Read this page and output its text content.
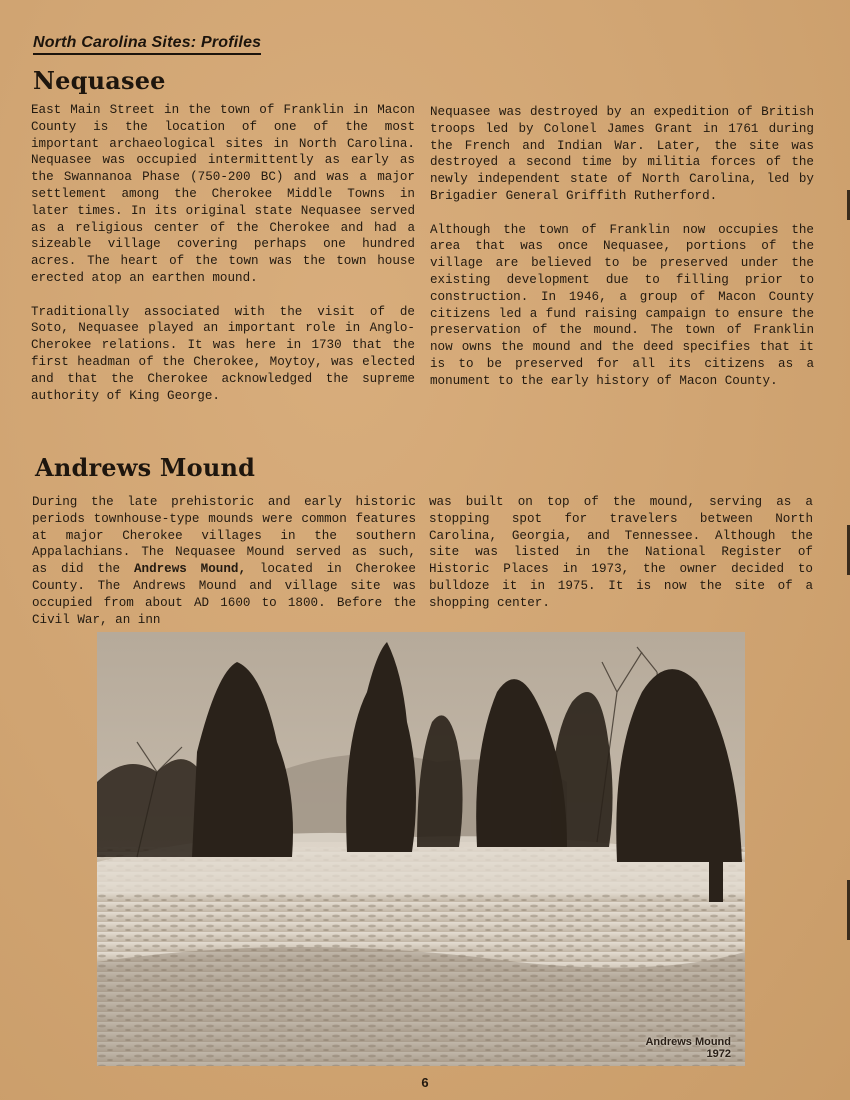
North Carolina Sites: Profiles
Nequasee

East Main Street in the town of Franklin in Macon County is the location of one of the most important archaeological sites in North Carolina. Nequasee was occupied intermittently as early as the Swannanoa Phase (750-200 BC) and was a major settlement among the Cherokee Middle Towns in later times. In its original state Nequasee served as a religious center of the Cherokee and had a sizeable village covering perhaps one hundred acres. The heart of the town was the town house erected atop an earthen mound.

Traditionally associated with the visit of de Soto, Nequasee played an important role in Anglo-Cherokee relations. It was here in 1730 that the first headman of the Cherokee, Moytoy, was elected and that the Cherokee acknowledged the supreme authority of King George.

Nequasee was destroyed by an expedition of British troops led by Colonel James Grant in 1761 during the French and Indian War. Later, the site was destroyed a second time by militia forces of the newly independent state of North Carolina, led by Brigadier General Griffith Rutherford.

Although the town of Franklin now occupies the area that was once Nequasee, portions of the village are believed to be preserved under the existing development due to filling prior to construction. In 1946, a group of Macon County citizens led a fund raising campaign to ensure the preservation of the mound. The town of Franklin now owns the mound and the deed specifies that it is to be preserved for all its citizens as a monument to the early history of Macon County.

Andrews Mound

During the late prehistoric and early historic periods townhouse-type mounds were common features at major Cherokee villages in the southern Appalachians. The Nequasee Mound served as such, as did the Andrews Mound, located in Cherokee County. The Andrews Mound and village site was occupied from about AD 1600 to 1800. Before the Civil War, an inn

was built on top of the mound, serving as a stopping spot for travelers between North Carolina, Georgia, and Tennessee. Although the site was listed in the National Register of Historic Places in 1973, the owner decided to bulldoze it in 1975. It is now the site of a shopping center.

Andrews Mound
1972
6
